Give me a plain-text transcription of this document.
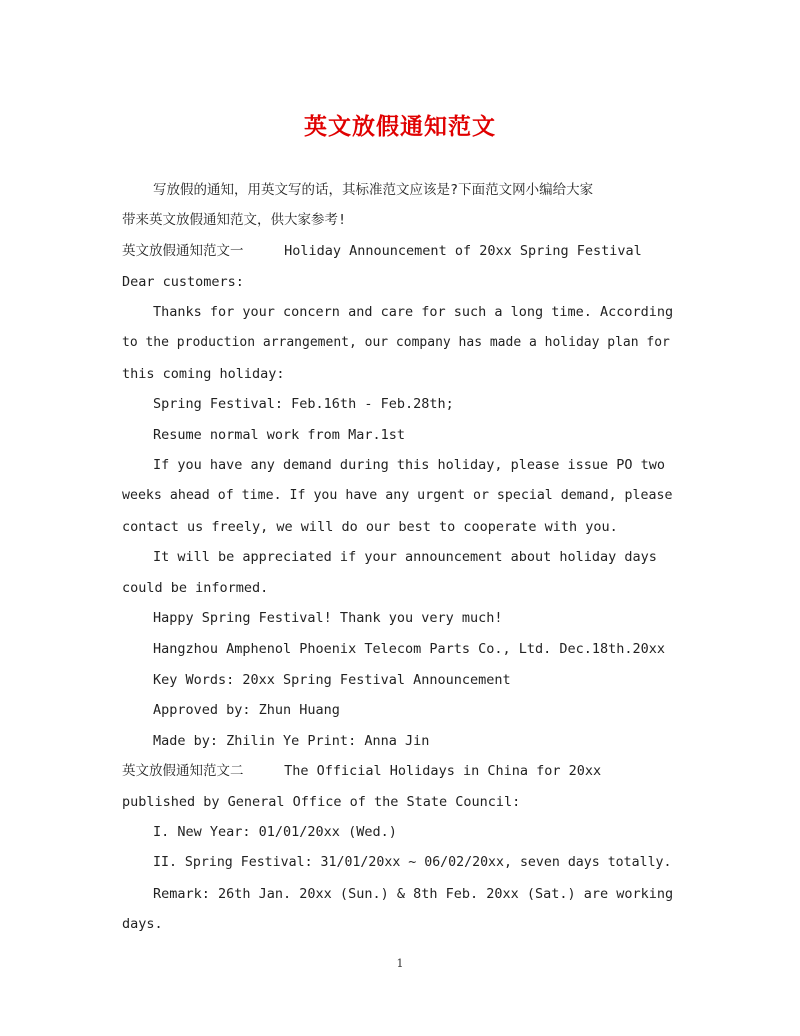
英文放假通知范文
写放假的通知，用英文写的话，其标准范文应该是?下面范文网小编给大家
带来英文放假通知范文，供大家参考!
英文放假通知范文一     Holiday Announcement of 20xx Spring Festival
Dear customers:
Thanks for your concern and care for such a long time. According
to the production arrangement, our company has made a holiday plan for
this coming holiday:
Spring Festival: Feb.16th - Feb.28th;
Resume normal work from Mar.1st
If you have any demand during this holiday, please issue PO two
weeks ahead of time. If you have any urgent or special demand, please
contact us freely, we will do our best to cooperate with you.
It will be appreciated if your announcement about holiday days
could be informed.
Happy Spring Festival! Thank you very much!
Hangzhou Amphenol Phoenix Telecom Parts Co., Ltd. Dec.18th.20xx
Key Words: 20xx Spring Festival Announcement
Approved by: Zhun Huang
Made by: Zhilin Ye Print: Anna Jin
英文放假通知范文二     The Official Holidays in China for 20xx
published by General Office of the State Council:
I. New Year: 01/01/20xx (Wed.)
II. Spring Festival: 31/01/20xx ~ 06/02/20xx, seven days totally.
Remark: 26th Jan. 20xx (Sun.) & 8th Feb. 20xx (Sat.) are working
days.
1
